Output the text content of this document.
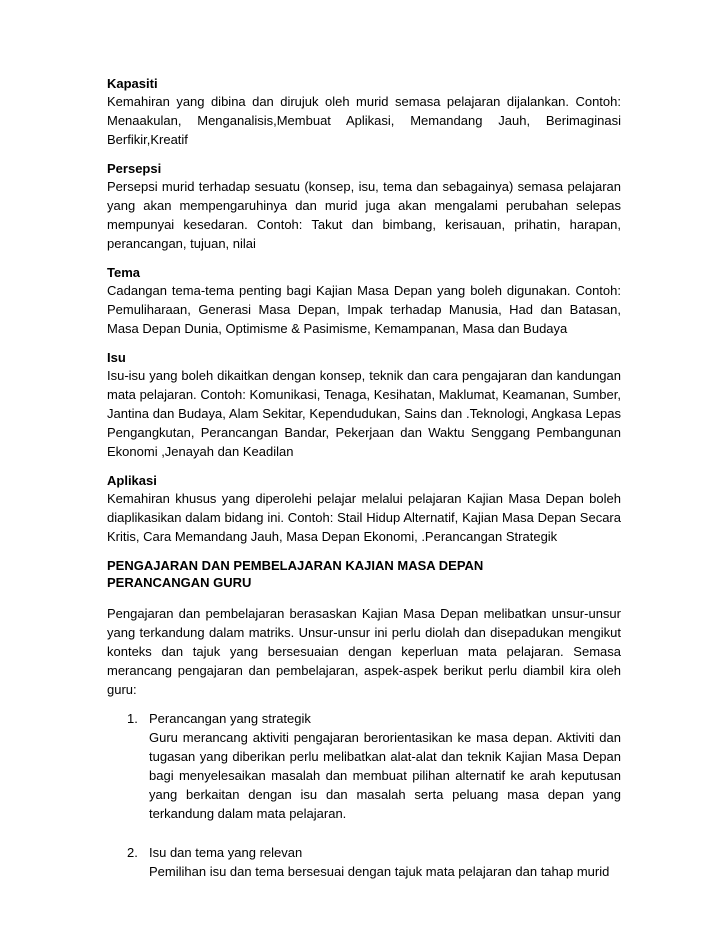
Kapasiti

Kemahiran yang dibina dan dirujuk oleh murid semasa pelajaran dijalankan. Contoh: Menaakulan, Menganalisis,Membuat Aplikasi, Memandang Jauh, Berimaginasi Berfikir,Kreatif

Persepsi

Persepsi murid terhadap sesuatu (konsep, isu, tema dan sebagainya) semasa pelajaran yang akan mempengaruhinya dan murid juga akan mengalami perubahan selepas mempunyai kesedaran. Contoh: Takut dan bimbang, kerisauan, prihatin, harapan, perancangan, tujuan, nilai

Tema

Cadangan tema-tema penting bagi Kajian Masa Depan yang boleh digunakan. Contoh: Pemuliharaan, Generasi Masa Depan, Impak terhadap Manusia, Had dan Batasan, Masa Depan Dunia, Optimisme & Pasimisme, Kemampanan, Masa dan Budaya

Isu

Isu-isu yang boleh dikaitkan dengan konsep, teknik dan cara pengajaran dan kandungan mata pelajaran. Contoh: Komunikasi, Tenaga, Kesihatan, Maklumat, Keamanan, Sumber, Jantina dan Budaya, Alam Sekitar, Kependudukan, Sains dan .Teknologi, Angkasa Lepas Pengangkutan, Perancangan Bandar, Pekerjaan dan Waktu Senggang Pembangunan Ekonomi ,Jenayah dan Keadilan

Aplikasi

Kemahiran khusus yang diperolehi pelajar melalui pelajaran Kajian Masa Depan boleh diaplikasikan dalam bidang ini. Contoh: Stail Hidup Alternatif, Kajian Masa Depan Secara Kritis, Cara Memandang Jauh, Masa Depan Ekonomi, .Perancangan Strategik

PENGAJARAN DAN PEMBELAJARAN KAJIAN MASA DEPAN
PERANCANGAN GURU

Pengajaran dan pembelajaran berasaskan Kajian Masa Depan melibatkan unsur-unsur yang terkandung dalam matriks. Unsur-unsur ini perlu diolah dan disepadukan mengikut konteks dan tajuk yang bersesuaian dengan keperluan mata pelajaran. Semasa merancang pengajaran dan pembelajaran, aspek-aspek berikut perlu diambil kira oleh guru:

1. Perancangan yang strategik

Guru merancang aktiviti pengajaran berorientasikan ke masa depan. Aktiviti dan tugasan yang diberikan perlu melibatkan alat-alat dan teknik Kajian Masa Depan bagi menyelesaikan masalah dan membuat pilihan alternatif ke arah keputusan yang berkaitan dengan isu dan masalah serta peluang masa depan yang terkandung dalam mata pelajaran.

2. Isu dan tema yang relevan

Pemilihan isu dan tema bersesuai dengan tajuk mata pelajaran dan tahap murid
